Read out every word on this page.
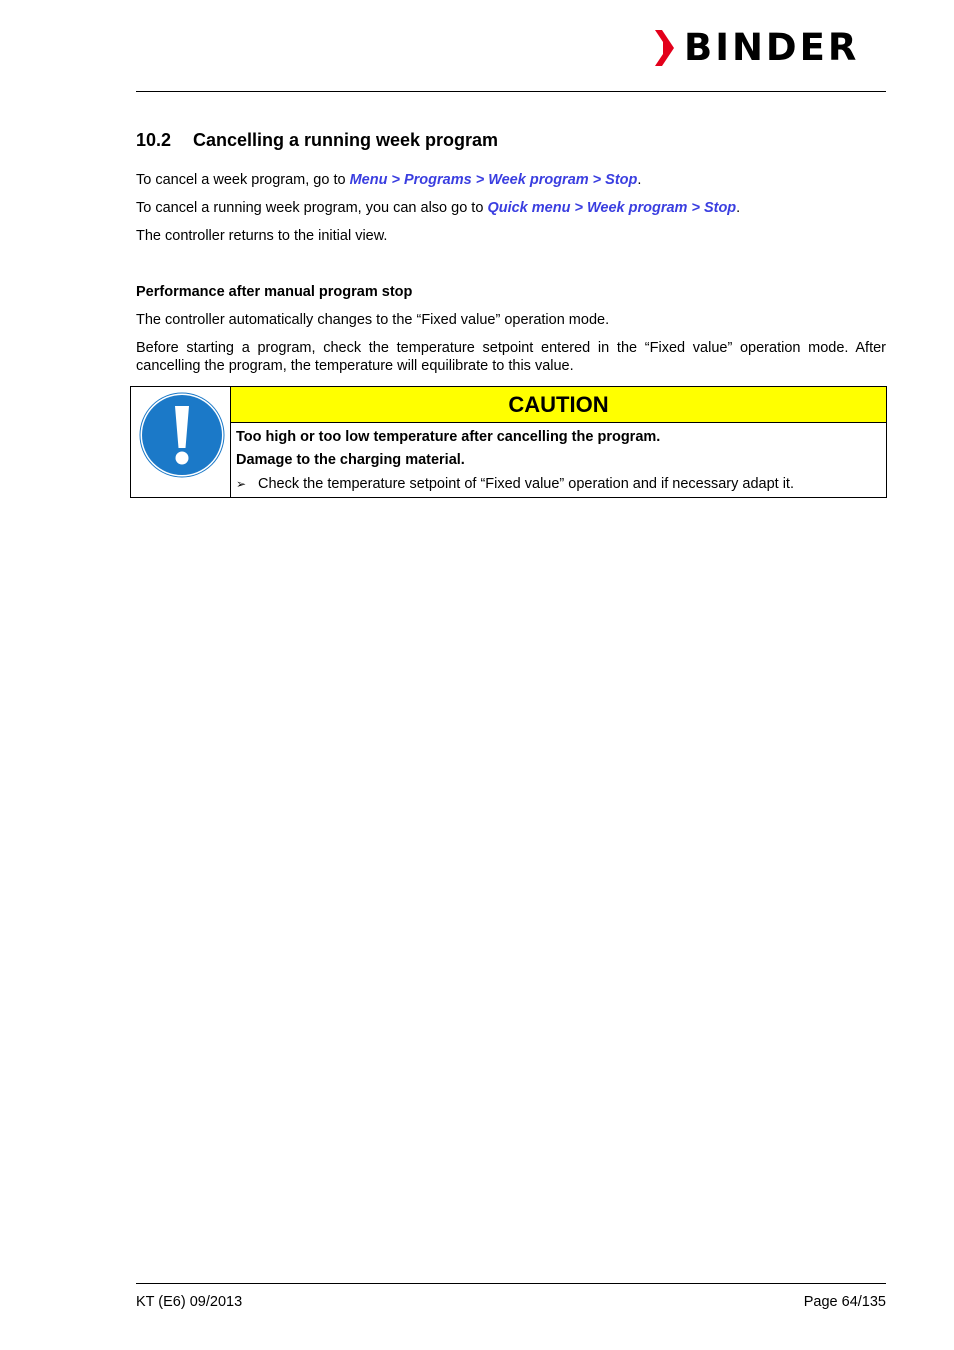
BINDER
10.2 Cancelling a running week program
To cancel a week program, go to Menu > Programs > Week program > Stop.
To cancel a running week program, you can also go to Quick menu > Week program > Stop.
The controller returns to the initial view.
Performance after manual program stop
The controller automatically changes to the “Fixed value” operation mode.
Before starting a program, check the temperature setpoint entered in the “Fixed value” operation mode. After cancelling the program, the temperature will equilibrate to this value.
CAUTION
Too high or too low temperature after cancelling the program.
Damage to the charging material.
➢ Check the temperature setpoint of “Fixed value” operation and if necessary adapt it.
KT (E6) 09/2013	Page 64/135
